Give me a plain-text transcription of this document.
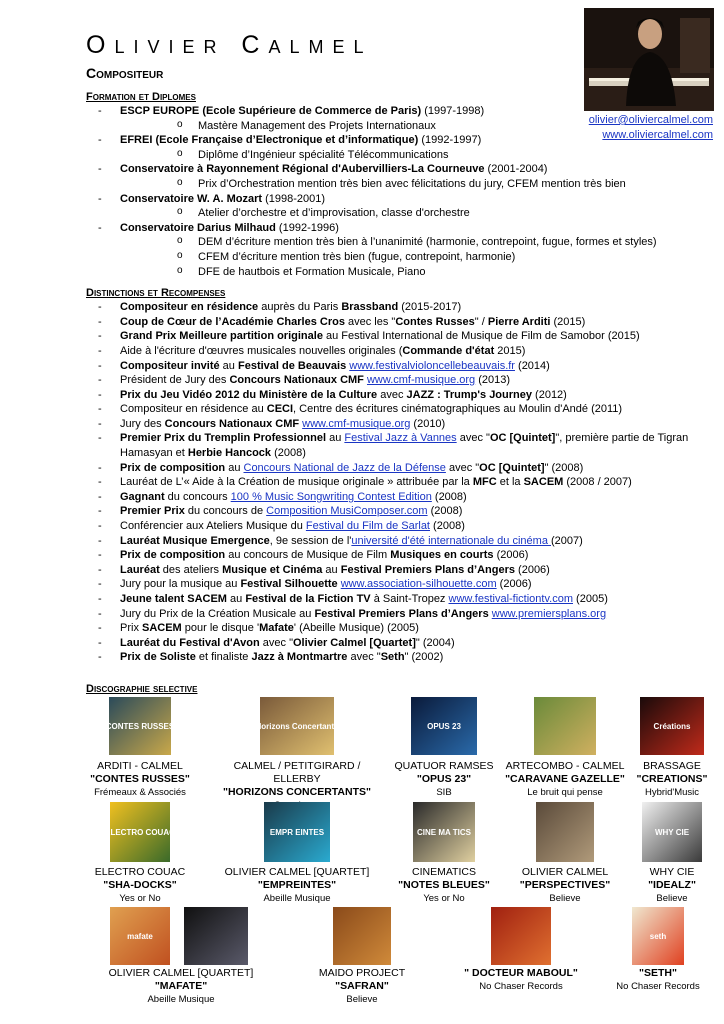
Olivier Calmel
Compositeur
olivier@oliviercalmel.com
www.oliviercalmel.com
Formation et Diplomes
- ESCP EUROPE (Ecole Supérieure de Commerce de Paris) (1997-1998)
o Mastère Management des Projets Internationaux
- EFREI (Ecole Française d’Electronique et d’informatique) (1992-1997)
o Diplôme d’Ingénieur spécialité Télécommunications
- Conservatoire à Rayonnement Régional d'Aubervilliers-La Courneuve (2001-2004)
o Prix d’Orchestration mention très bien avec félicitations du jury, CFEM mention très bien
- Conservatoire W. A. Mozart (1998-2001)
o Atelier d’orchestre et d’improvisation, classe d'orchestre
- Conservatoire Darius Milhaud (1992-1996)
o DEM d’écriture mention très bien à l’unanimité (harmonie, contrepoint, fugue, formes et styles)
o CFEM d’écriture mention très bien (fugue, contrepoint, harmonie)
o DFE de hautbois et Formation Musicale, Piano
Distinctions et Recompenses
- Compositeur en résidence auprès du Paris Brassband (2015-2017)
- Coup de Cœur de l’Académie Charles Cros avec les "Contes Russes" / Pierre Arditi (2015)
- Grand Prix Meilleure partition originale au Festival International de Musique de Film de Samobor (2015)
- Aide à l'écriture d'œuvres musicales nouvelles originales (Commande d'état 2015)
- Compositeur invité au Festival de Beauvais www.festivalvioloncellebeauvais.fr (2014)
- Président de Jury des Concours Nationaux CMF www.cmf-musique.org (2013)
- Prix du Jeu Vidéo 2012 du Ministère de la Culture avec JAZZ : Trump's Journey (2012)
- Compositeur en résidence au CECI, Centre des écritures cinématographiques au Moulin d'Andé (2011)
- Jury des Concours Nationaux CMF www.cmf-musique.org (2010)
- Premier Prix du Tremplin Professionnel au Festival Jazz à Vannes avec "OC [Quintet]", première partie de Tigran Hamasyan et Herbie Hancock (2008)
- Prix de composition au Concours National de Jazz de la Défense avec "OC [Quintet]" (2008)
- Lauréat de L’« Aide à la Création de musique originale » attribuée par la MFC et la SACEM (2008 / 2007)
- Gagnant du concours 100 % Music Songwriting Contest Edition (2008)
- Premier Prix du concours de Composition MusiComposer.com (2008)
- Conférencier aux Ateliers Musique du Festival du Film de Sarlat (2008)
- Lauréat Musique Emergence, 9e session de l'université d'été internationale du cinéma (2007)
- Prix de composition au concours de Musique de Film Musiques en courts (2006)
- Lauréat des ateliers Musique et Cinéma au Festival Premiers Plans d’Angers (2006)
- Jury pour la musique au Festival Silhouette www.association-silhouette.com (2006)
- Jeune talent SACEM au Festival de la Fiction TV à Saint-Tropez www.festival-fictiontv.com (2005)
- Jury du Prix de la Création Musicale au Festival Premiers Plans d’Angers www.premiersplans.org
- Prix SACEM pour le disque 'Mafate' (Abeille Musique) (2005)
- Lauréat du Festival d'Avon avec "Olivier Calmel [Quartet]" (2004)
- Prix de Soliste et finaliste Jazz à Montmartre avec "Seth" (2002)
Discographie selective
CONTES RUSSES
ARDITI - CALMEL
"CONTES RUSSES"
Frémeaux & Associés
Horizons Concertants
CALMEL / PETITGIRARD / ELLERBY
"HORIZONS CONCERTANTS"
OPUS 23
QUATUOR RAMSES
"OPUS 23"
SIB
ARTECOMBO - CALMEL
"CARAVANE GAZELLE"
Le bruit qui pense
Créations
BRASSAGE
"CREATIONS"
Hybrid'Music
ELECTRO COUAC
ELECTRO COUAC
"SHA-DOCKS"
Yes or No
EMPR EINTES
OLIVIER CALMEL [QUARTET]
"EMPREINTES"
Abeille Musique
CINE MA TICS
CINEMATICS
"NOTES BLEUES"
Yes or No
OLIVIER CALMEL
"PERSPECTIVES"
Believe
WHY CIE
WHY CIE
"IDEALZ"
Believe
mafate
OLIVIER CALMEL [QUARTET]
"MAFATE"
Abeille Musique
MAIDO PROJECT
"SAFRAN"
Believe
" DOCTEUR MABOUL"
No Chaser Records
seth
"SETH"
No Chaser Records
